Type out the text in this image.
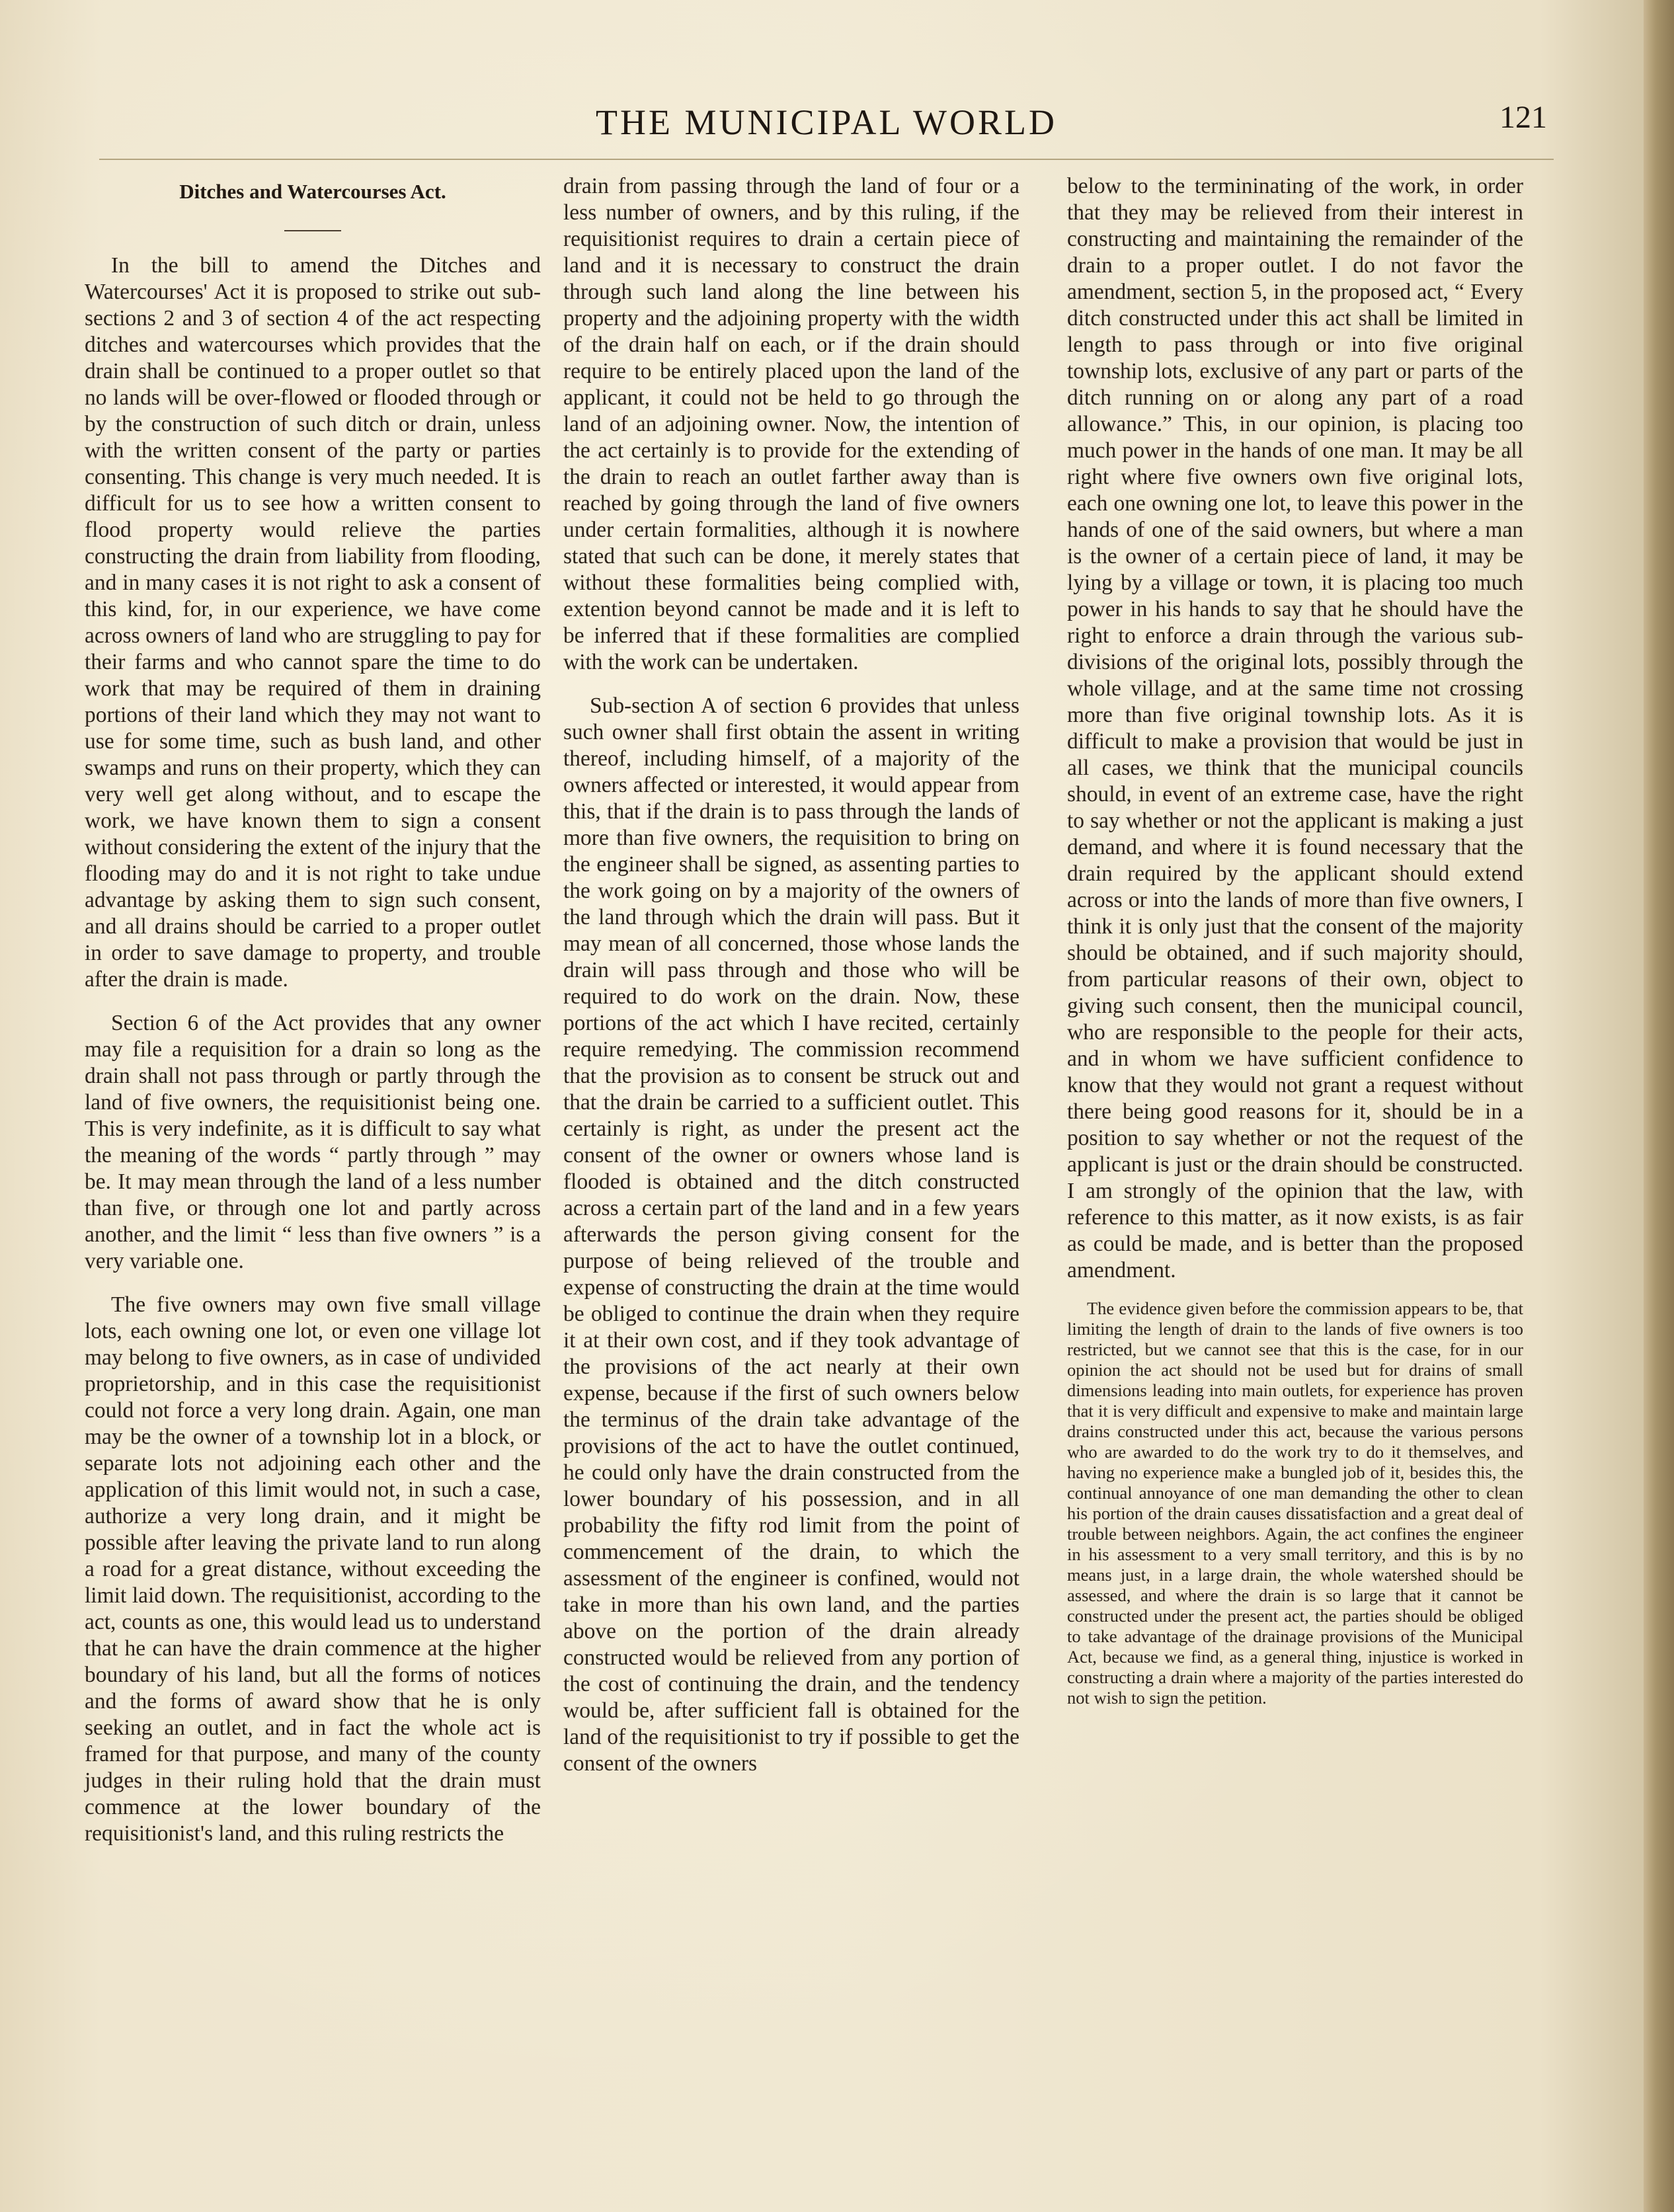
THE MUNICIPAL WORLD	121
Ditches and Watercourses Act.

In the bill to amend the Ditches and Watercourses' Act it is proposed to strike out sub-sections 2 and 3 of section 4 of the act respecting ditches and watercourses which provides that the drain shall be continued to a proper outlet so that no lands will be over-flowed or flooded through or by the construction of such ditch or drain, unless with the written consent of the party or parties consenting. This change is very much needed. It is difficult for us to see how a written consent to flood property would relieve the parties constructing the drain from liability from flooding, and in many cases it is not right to ask a consent of this kind, for, in our experience, we have come across owners of land who are struggling to pay for their farms and who cannot spare the time to do work that may be required of them in draining portions of their land which they may not want to use for some time, such as bush land, and other swamps and runs on their property, which they can very well get along without, and to escape the work, we have known them to sign a consent without considering the extent of the injury that the flooding may do and it is not right to take undue advantage by asking them to sign such consent, and all drains should be carried to a proper outlet in order to save damage to property, and trouble after the drain is made.

Section 6 of the Act provides that any owner may file a requisition for a drain so long as the drain shall not pass through or partly through the land of five owners, the requisitionist being one. This is very indefinite, as it is difficult to say what the meaning of the words “ partly through ” may be. It may mean through the land of a less number than five, or through one lot and partly across another, and the limit “ less than five owners ” is a very variable one.

The five owners may own five small village lots, each owning one lot, or even one village lot may belong to five owners, as in case of undivided proprietorship, and in this case the requisitionist could not force a very long drain. Again, one man may be the owner of a township lot in a block, or separate lots not adjoining each other and the application of this limit would not, in such a case, authorize a very long drain, and it might be possible after leaving the private land to run along a road for a great distance, without exceeding the limit laid down. The requisitionist, according to the act, counts as one, this would lead us to understand that he can have the drain commence at the higher boundary of his land, but all the forms of notices and the forms of award show that he is only seeking an outlet, and in fact the whole act is framed for that purpose, and many of the county judges in their ruling hold that the drain must commence at the lower boundary of the requisitionist's land, and this ruling restricts the

drain from passing through the land of four or a less number of owners, and by this ruling, if the requisitionist requires to drain a certain piece of land and it is necessary to construct the drain through such land along the line between his property and the adjoining property with the width of the drain half on each, or if the drain should require to be entirely placed upon the land of the applicant, it could not be held to go through the land of an adjoining owner. Now, the intention of the act certainly is to provide for the extending of the drain to reach an outlet farther away than is reached by going through the land of five owners under certain formalities, although it is nowhere stated that such can be done, it merely states that without these formalities being complied with, extention beyond cannot be made and it is left to be inferred that if these formalities are complied with the work can be undertaken.

Sub-section A of section 6 provides that unless such owner shall first obtain the assent in writing thereof, including himself, of a majority of the owners affected or interested, it would appear from this, that if the drain is to pass through the lands of more than five owners, the requisition to bring on the engineer shall be signed, as assenting parties to the work going on by a majority of the owners of the land through which the drain will pass. But it may mean of all concerned, those whose lands the drain will pass through and those who will be required to do work on the drain. Now, these portions of the act which I have recited, certainly require remedying. The commission recommend that the provision as to consent be struck out and that the drain be carried to a sufficient outlet. This certainly is right, as under the present act the consent of the owner or owners whose land is flooded is obtained and the ditch constructed across a certain part of the land and in a few years afterwards the person giving consent for the purpose of being relieved of the trouble and expense of constructing the drain at the time would be obliged to continue the drain when they require it at their own cost, and if they took advantage of the provisions of the act nearly at their own expense, because if the first of such owners below the terminus of the drain take advantage of the provisions of the act to have the outlet continued, he could only have the drain constructed from the lower boundary of his possession, and in all probability the fifty rod limit from the point of commencement of the drain, to which the assessment of the engineer is confined, would not take in more than his own land, and the parties above on the portion of the drain already constructed would be relieved from any portion of the cost of continuing the drain, and the tendency would be, after sufficient fall is obtained for the land of the requisitionist to try if possible to get the consent of the owners

below to the termininating of the work, in order that they may be relieved from their interest in constructing and maintaining the remainder of the drain to a proper outlet. I do not favor the amendment, section 5, in the proposed act, “ Every ditch constructed under this act shall be limited in length to pass through or into five original township lots, exclusive of any part or parts of the ditch running on or along any part of a road allowance.” This, in our opinion, is placing too much power in the hands of one man. It may be all right where five owners own five original lots, each one owning one lot, to leave this power in the hands of one of the said owners, but where a man is the owner of a certain piece of land, it may be lying by a village or town, it is placing too much power in his hands to say that he should have the right to enforce a drain through the various sub-divisions of the original lots, possibly through the whole village, and at the same time not crossing more than five original township lots. As it is difficult to make a provision that would be just in all cases, we think that the municipal councils should, in event of an extreme case, have the right to say whether or not the applicant is making a just demand, and where it is found necessary that the drain required by the applicant should extend across or into the lands of more than five owners, I think it is only just that the consent of the majority should be obtained, and if such majority should, from particular reasons of their own, object to giving such consent, then the municipal council, who are responsible to the people for their acts, and in whom we have sufficient confidence to know that they would not grant a request without there being good reasons for it, should be in a position to say whether or not the request of the applicant is just or the drain should be constructed. I am strongly of the opinion that the law, with reference to this matter, as it now exists, is as fair as could be made, and is better than the proposed amendment.

The evidence given before the commission appears to be, that limiting the length of drain to the lands of five owners is too restricted, but we cannot see that this is the case, for in our opinion the act should not be used but for drains of small dimensions leading into main outlets, for experience has proven that it is very difficult and expensive to make and maintain large drains constructed under this act, because the various persons who are awarded to do the work try to do it themselves, and having no experience make a bungled job of it, besides this, the continual annoyance of one man demanding the other to clean his portion of the drain causes dissatisfaction and a great deal of trouble between neighbors. Again, the act confines the engineer in his assessment to a very small territory, and this is by no means just, in a large drain, the whole watershed should be assessed, and where the drain is so large that it cannot be constructed under the present act, the parties should be obliged to take advantage of the drainage provisions of the Municipal Act, because we find, as a general thing, injustice is worked in constructing a drain where a majority of the parties interested do not wish to sign the petition.
